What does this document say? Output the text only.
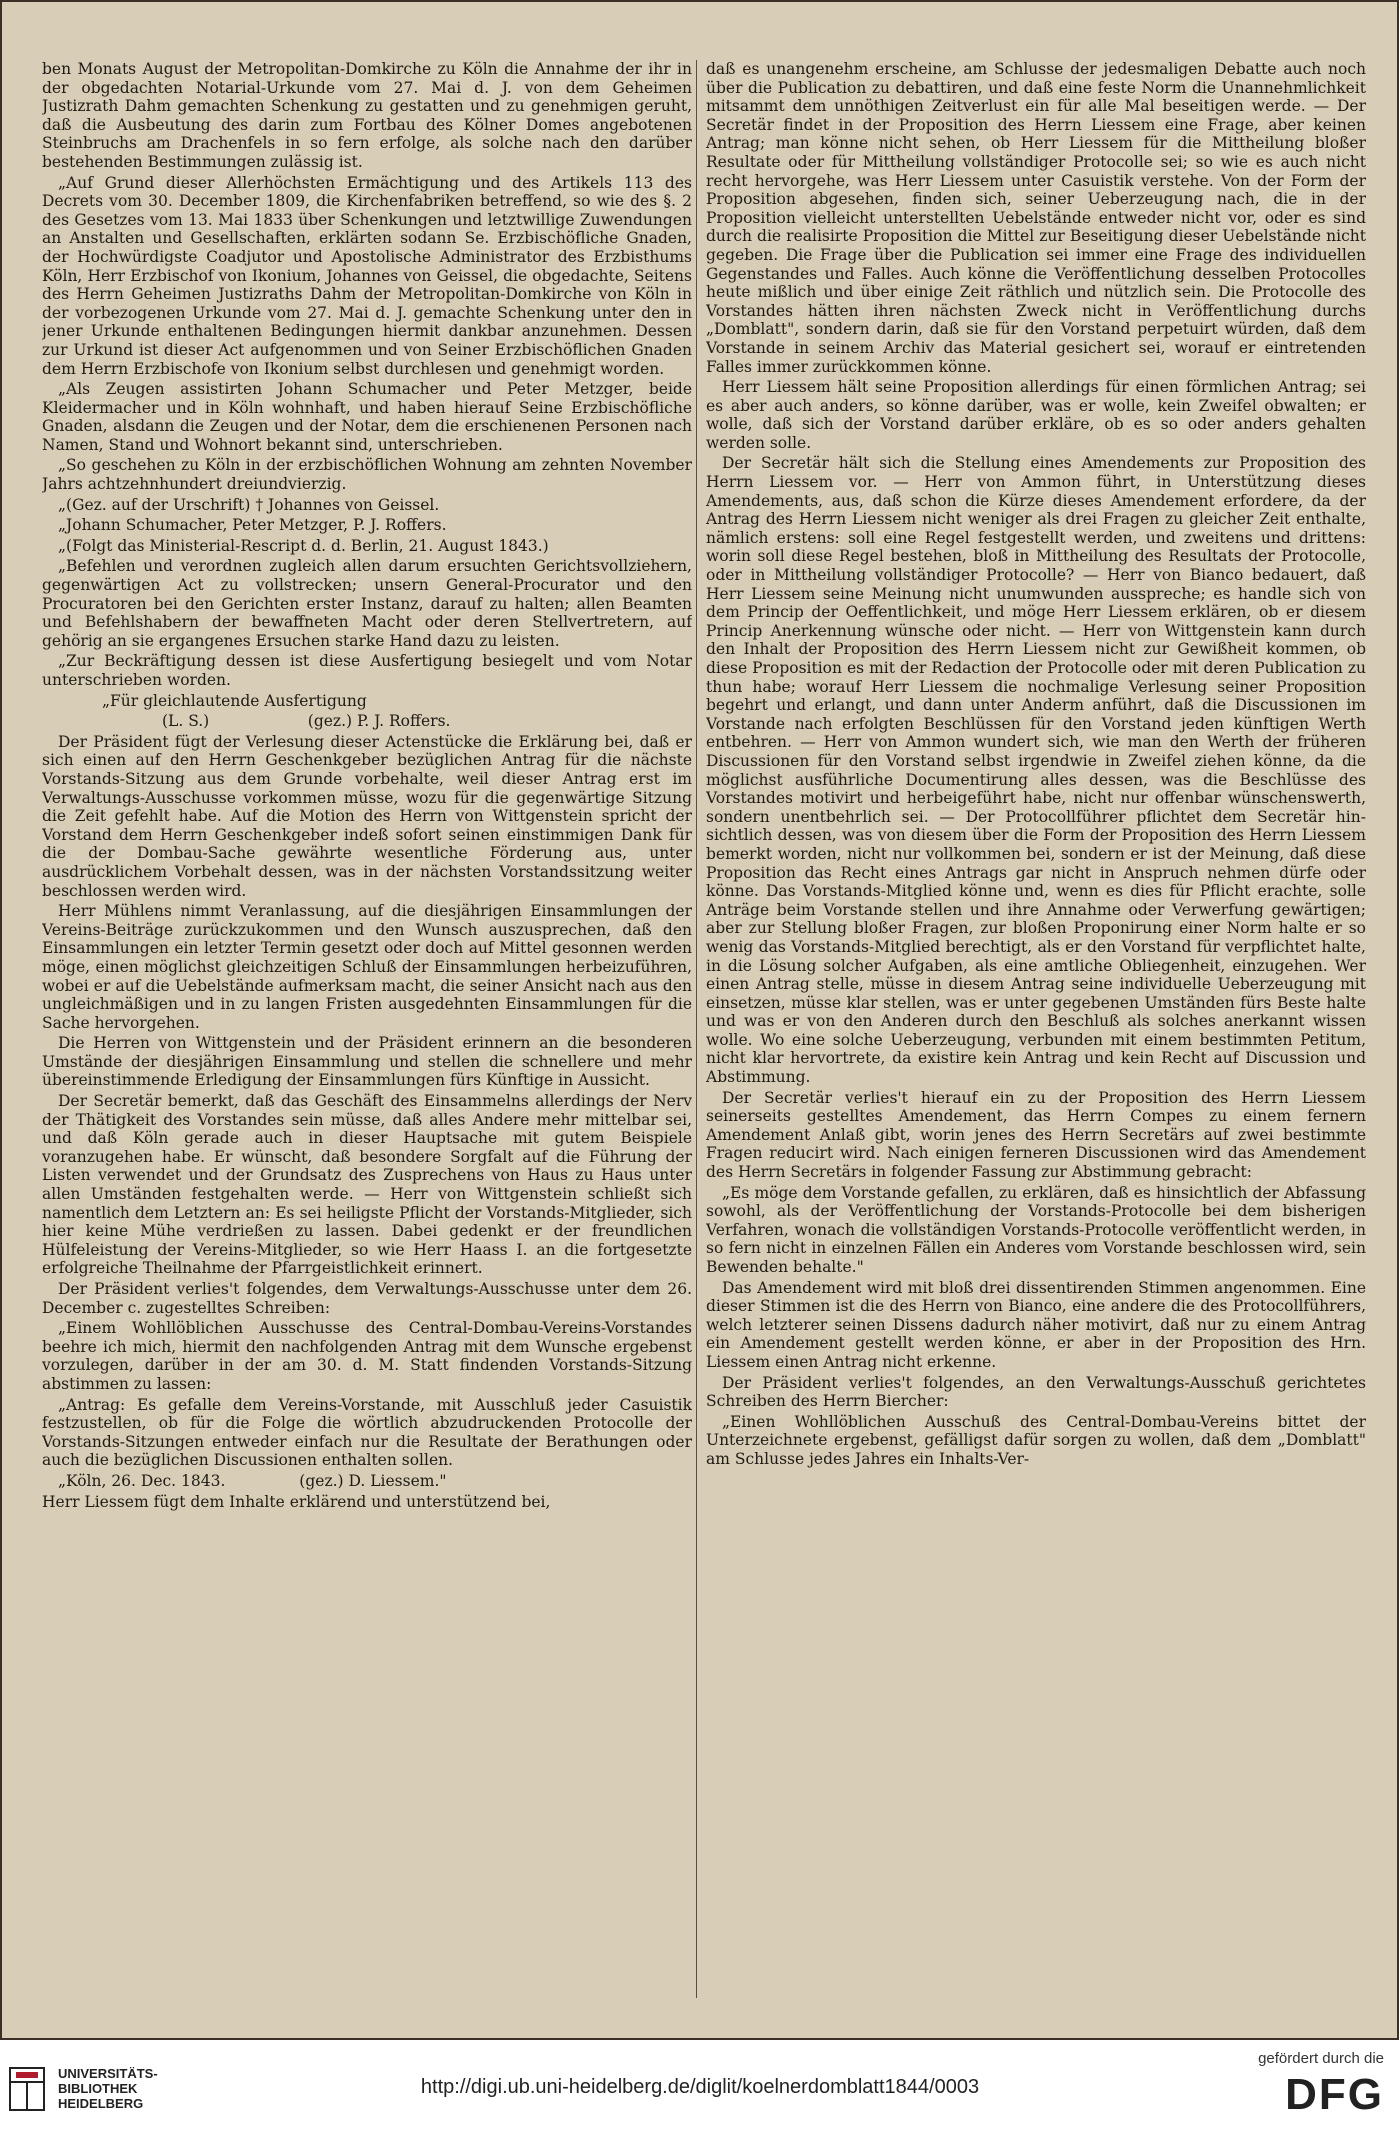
ben Monats August der Metropolitan-Domkirche zu Köln die Annahme der ihr in der obgedachten Notarial-Urkunde vom 27. Mai d. J. von dem Geheimen Justizrath Dahm gemachten Schenkung zu gestatten und zu genehmigen geruht, daß die Ausbeutung des darin zum Fortbau des Kölner Domes angebotenen Steinbruchs am Drachenfels in so fern erfolge, als solche nach den darüber bestehenden Bestimmungen zulässig ist.

„Auf Grund dieser Allerhöchsten Ermächtigung und des Artikels 113 des Decrets vom 30. December 1809, die Kirchenfabriken betreffend, so wie des §. 2 des Gesetzes vom 13. Mai 1833 über Schenkungen und letztwillige Zuwendungen an Anstalten und Gesellschaften, erklärten sodann Se. Erzbischöfliche Gnaden, der Hochwürdigste Coadjutor und Apostolische Administrator des Erzbisthums Köln, Herr Erzbischof von Ikonium, Johannes von Geissel, die obgedachte, Seitens des Herrn Geheimen Justizraths Dahm der Metropolitan-Domkirche von Köln in der vorbezogenen Urkunde vom 27. Mai d. J. gemachte Schenkung unter den in jener Urkunde enthaltenen Bedingungen hiermit dankbar anzunehmen. Dessen zur Urkund ist dieser Act aufgenommen und von Seiner Erzbischöflichen Gnaden dem Herrn Erzbischofe von Ikonium selbst durchlesen und genehmigt worden.

„Als Zeugen assistirten Johann Schumacher und Peter Metzger, beide Kleidermacher und in Köln wohnhaft, und haben hierauf Seine Erzbischöfliche Gnaden, alsdann die Zeugen und der Notar, dem die erschienenen Personen nach Namen, Stand und Wohnort bekannt sind, unterschrieben.

„So geschehen zu Köln in der erzbischöflichen Wohnung am zehnten November Jahrs achtzehnhundert dreiundvierzig.

„(Gez. auf der Urschrift) † Johannes von Geissel.

„Johann Schumacher, Peter Metzger, P. J. Roffers.

„(Folgt das Ministerial-Rescript d. d. Berlin, 21. August 1843.)

„Befehlen und verordnen zugleich allen darum ersuchten Gerichtsvollziehern, gegenwärtigen Act zu vollstrecken; unsern General-Procurator und den Procuratoren bei den Gerichten erster Instanz, darauf zu halten; allen Beamten und Befehlshabern der bewaffneten Macht oder deren Stellvertretern, auf gehörig an sie ergangenes Ersuchen starke Hand dazu zu leisten.

„Zur Beckräftigung dessen ist diese Ausfertigung besiegelt und vom Notar unterschrieben worden.

„Für gleichlautende Ausfertigung

(L. S.)                    (gez.) P. J. Roffers.

Der Präsident fügt der Verlesung dieser Actenstücke die Erklärung bei, daß er sich einen auf den Herrn Geschenkgeber bezüglichen Antrag für die nächste Vorstands-Sitzung aus dem Grunde vorbehalte, weil dieser Antrag erst im Verwaltungs-Ausschusse vorkommen müsse, wozu für die gegenwärtige Sitzung die Zeit gefehlt habe. Auf die Motion des Herrn von Wittgenstein spricht der Vorstand dem Herrn Geschenkgeber indeß sofort seinen einstimmigen Dank für die der Dombau-Sache gewährte wesentliche Förderung aus, unter ausdrücklichem Vorbehalt dessen, was in der nächsten Vorstandssitzung weiter beschlossen werden wird.

Herr Mühlens nimmt Veranlassung, auf die diesjährigen Einsammlungen der Vereins-Beiträge zurückzukommen und den Wunsch auszusprechen, daß den Einsammlungen ein letzter Termin gesetzt oder doch auf Mittel gesonnen werden möge, einen möglichst gleichzeitigen Schluß der Einsammlungen herbeizuführen, wobei er auf die Uebelstände aufmerksam macht, die seiner Ansicht nach aus den ungleichmäßigen und in zu langen Fristen ausgedehnten Einsammlungen für die Sache hervorgehen.

Die Herren von Wittgenstein und der Präsident erinnern an die besonderen Umstände der diesjährigen Einsammlung und stellen die schnellere und mehr übereinstimmende Erledigung der Einsammlungen fürs Künftige in Aussicht.

Der Secretär bemerkt, daß das Geschäft des Einsammelns allerdings der Nerv der Thätigkeit des Vorstandes sein müsse, daß alles Andere mehr mittelbar sei, und daß Köln gerade auch in dieser Hauptsache mit gutem Beispiele voranzugehen habe. Er wünscht, daß besondere Sorgfalt auf die Führung der Listen verwendet und der Grundsatz des Zusprechens von Haus zu Haus unter allen Umständen festgehalten werde. — Herr von Wittgenstein schließt sich namentlich dem Letztern an: Es sei heiligste Pflicht der Vorstands-Mitglieder, sich hier keine Mühe verdrießen zu lassen. Dabei gedenkt er der freundlichen Hülfeleistung der Vereins-Mitglieder, so wie Herr Haass I. an die fortgesetzte erfolgreiche Theilnahme der Pfarrgeistlichkeit erinnert.

Der Präsident verlies't folgendes, dem Verwaltungs-Ausschusse unter dem 26. December c. zugestelltes Schreiben:

„Einem Wohllöblichen Ausschusse des Central-Dombau-Vereins-Vorstandes beehre ich mich, hiermit den nachfolgenden Antrag mit dem Wunsche ergebenst vorzulegen, darüber in der am 30. d. M. Statt findenden Vorstands-Sitzung abstimmen zu lassen:

„Antrag: Es gefalle dem Vereins-Vorstande, mit Ausschluß jeder Casuistik festzustellen, ob für die Folge die wörtlich abzudruckenden Protocolle der Vorstands-Sitzungen entweder einfach nur die Resultate der Berathungen oder auch die bezüglichen Discussionen enthalten sollen.

„Köln, 26. Dec. 1843.               (gez.) D. Liessem."

Herr Liessem fügt dem Inhalte erklärend und unterstützend bei,

daß es unangenehm erscheine, am Schlusse der jedesmaligen Debatte auch noch über die Publication zu debattiren, und daß eine feste Norm die Unannehmlichkeit mitsammt dem unnöthigen Zeitverlust ein für alle Mal beseitigen werde. — Der Secretär findet in der Proposition des Herrn Liessem eine Frage, aber keinen Antrag; man könne nicht sehen, ob Herr Liessem für die Mittheilung bloßer Resultate oder für Mittheilung vollständiger Protocolle sei; so wie es auch nicht recht hervorgehe, was Herr Liessem unter Casuistik verstehe. Von der Form der Proposition abgesehen, finden sich, seiner Ueberzeugung nach, die in der Proposition vielleicht unterstellten Uebelstände entweder nicht vor, oder es sind durch die realisirte Proposition die Mittel zur Beseitigung dieser Uebelstände nicht gegeben. Die Frage über die Publication sei immer eine Frage des individuellen Gegenstandes und Falles. Auch könne die Veröffentlichung desselben Protocolles heute mißlich und über einige Zeit räthlich und nützlich sein. Die Protocolle des Vorstandes hätten ihren nächsten Zweck nicht in Veröffentlichung durchs „Domblatt", sondern darin, daß sie für den Vorstand perpetuirt würden, daß dem Vorstande in seinem Archiv das Material gesichert sei, worauf er eintretenden Falles immer zurückkommen könne.

Herr Liessem hält seine Proposition allerdings für einen förmlichen Antrag; sei es aber auch anders, so könne darüber, was er wolle, kein Zweifel obwalten; er wolle, daß sich der Vorstand darüber erkläre, ob es so oder anders gehalten werden solle.

Der Secretär hält sich die Stellung eines Amendements zur Proposition des Herrn Liessem vor. — Herr von Ammon führt, in Unterstützung dieses Amendements, aus, daß schon die Kürze dieses Amendement erfordere, da der Antrag des Herrn Liessem nicht weniger als drei Fragen zu gleicher Zeit enthalte, nämlich erstens: soll eine Regel festgestellt werden, und zweitens und drittens: worin soll diese Regel bestehen, bloß in Mittheilung des Resultats der Protocolle, oder in Mittheilung vollständiger Protocolle? — Herr von Bianco bedauert, daß Herr Liessem seine Meinung nicht unumwunden ausspreche; es handle sich von dem Princip der Oeffentlichkeit, und möge Herr Liessem erklären, ob er diesem Princip Anerkennung wünsche oder nicht. — Herr von Wittgenstein kann durch den Inhalt der Proposition des Herrn Liessem nicht zur Gewißheit kommen, ob diese Proposition es mit der Redaction der Protocolle oder mit deren Publication zu thun habe; worauf Herr Liessem die nochmalige Verlesung seiner Proposition begehrt und erlangt, und dann unter Anderm anführt, daß die Discussionen im Vorstande nach erfolgten Beschlüssen für den Vorstand jeden künftigen Werth entbehren. — Herr von Ammon wundert sich, wie man den Werth der früheren Discussionen für den Vorstand selbst irgendwie in Zweifel ziehen könne, da die möglichst ausführliche Documentirung alles dessen, was die Beschlüsse des Vorstandes motivirt und herbeigeführt habe, nicht nur offenbar wünschenswerth, sondern unentbehrlich sei. — Der Protocollführer pflichtet dem Secretär hinsichtlich dessen, was von diesem über die Form der Proposition des Herrn Liessem bemerkt worden, nicht nur vollkommen bei, sondern er ist der Meinung, daß diese Proposition das Recht eines Antrags gar nicht in Anspruch nehmen dürfe oder könne. Das Vorstands-Mitglied könne und, wenn es dies für Pflicht erachte, solle Anträge beim Vorstande stellen und ihre Annahme oder Verwerfung gewärtigen; aber zur Stellung bloßer Fragen, zur bloßen Proponirung einer Norm halte er so wenig das Vorstands-Mitglied berechtigt, als er den Vorstand für verpflichtet halte, in die Lösung solcher Aufgaben, als eine amtliche Obliegenheit, einzugehen. Wer einen Antrag stelle, müsse in diesem Antrag seine individuelle Ueberzeugung mit einsetzen, müsse klar stellen, was er unter gegebenen Umständen fürs Beste halte und was er von den Anderen durch den Beschluß als solches anerkannt wissen wolle. Wo eine solche Ueberzeugung, verbunden mit einem bestimmten Petitum, nicht klar hervortrete, da existire kein Antrag und kein Recht auf Discussion und Abstimmung.

Der Secretär verlies't hierauf ein zu der Proposition des Herrn Liessem seinerseits gestelltes Amendement, das Herrn Compes zu einem fernern Amendement Anlaß gibt, worin jenes des Herrn Secretärs auf zwei bestimmte Fragen reducirt wird. Nach einigen ferneren Discussionen wird das Amendement des Herrn Secretärs in folgender Fassung zur Abstimmung gebracht:

„Es möge dem Vorstande gefallen, zu erklären, daß es hinsichtlich der Abfassung sowohl, als der Veröffentlichung der Vorstands-Protocolle bei dem bisherigen Verfahren, wonach die vollständigen Vorstands-Protocolle veröffentlicht werden, in so fern nicht in einzelnen Fällen ein Anderes vom Vorstande beschlossen wird, sein Bewenden behalte."

Das Amendement wird mit bloß drei dissentirenden Stimmen angenommen. Eine dieser Stimmen ist die des Herrn von Bianco, eine andere die des Protocollführers, welch letzterer seinen Dissens dadurch näher motivirt, daß nur zu einem Antrag ein Amendement gestellt werden könne, er aber in der Proposition des Hrn. Liessem einen Antrag nicht erkenne.

Der Präsident verlies't folgendes, an den Verwaltungs-Ausschuß gerichtetes Schreiben des Herrn Biercher:

„Einen Wohllöblichen Ausschuß des Central-Dombau-Vereins bittet der Unterzeichnete ergebenst, gefälligst dafür sorgen zu wollen, daß dem „Domblatt" am Schlusse jedes Jahres ein Inhalts-Ver-

UNIVERSITÄTS-
BIBLIOTHEK
HEIDELBERG
http://digi.ub.uni-heidelberg.de/diglit/koelnerdomblatt1844/0003
gefördert durch die
DFG
